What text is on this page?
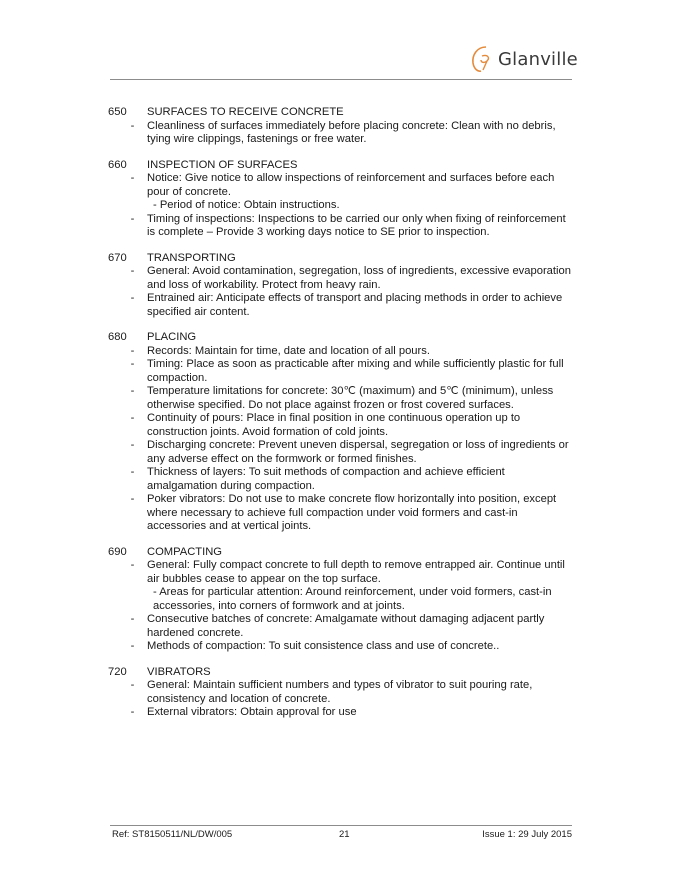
Glanville
650	SURFACES TO RECEIVE CONCRETE
-	Cleanliness of surfaces immediately before placing concrete: Clean with no debris, tying wire clippings, fastenings or free water.
660	INSPECTION OF SURFACES
-	Notice: Give notice to allow inspections of reinforcement and surfaces before each pour of concrete.
- Period of notice: Obtain instructions.
-	Timing of inspections: Inspections to be carried our only when fixing of reinforcement is complete – Provide 3 working days notice to SE prior to inspection.
670	TRANSPORTING
-	General: Avoid contamination, segregation, loss of ingredients, excessive evaporation and loss of workability. Protect from heavy rain.
-	Entrained air: Anticipate effects of transport and placing methods in order to achieve specified air content.
680	PLACING
-	Records: Maintain for time, date and location of all pours.
-	Timing: Place as soon as practicable after mixing and while sufficiently plastic for full compaction.
-	Temperature limitations for concrete: 30℃ (maximum) and 5℃ (minimum), unless otherwise specified. Do not place against frozen or frost covered surfaces.
-	Continuity of pours: Place in final position in one continuous operation up to construction joints. Avoid formation of cold joints.
-	Discharging concrete: Prevent uneven dispersal, segregation or loss of ingredients or any adverse effect on the formwork or formed finishes.
-	Thickness of layers: To suit methods of compaction and achieve efficient amalgamation during compaction.
-	Poker vibrators: Do not use to make concrete flow horizontally into position, except where necessary to achieve full compaction under void formers and cast-in accessories and at vertical joints.
690	COMPACTING
-	General: Fully compact concrete to full depth to remove entrapped air. Continue until air bubbles cease to appear on the top surface.
- Areas for particular attention: Around reinforcement, under void formers, cast-in accessories, into corners of formwork and at joints.
-	Consecutive batches of concrete: Amalgamate without damaging adjacent partly hardened concrete.
-	Methods of compaction: To suit consistence class and use of concrete..
720	VIBRATORS
-	General: Maintain sufficient numbers and types of vibrator to suit pouring rate, consistency and location of concrete.
-	External vibrators: Obtain approval for use
Ref: ST8150511/NL/DW/005	21	Issue 1: 29 July 2015
